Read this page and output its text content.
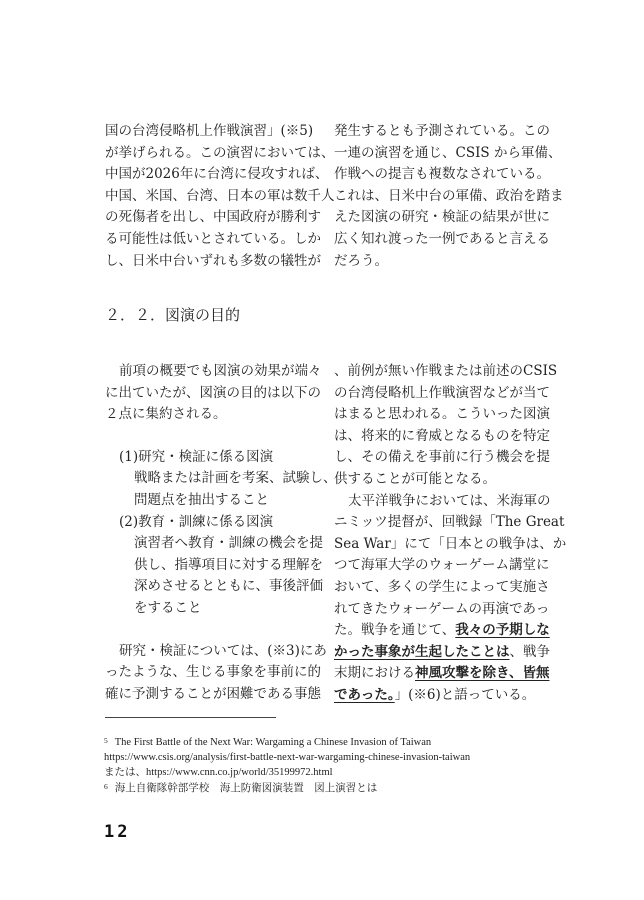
国の台湾侵略机上作戦演習」(※5)
が挙げられる。この演習においては、
中国が2026年に台湾に侵攻すれば、
中国、米国、台湾、日本の軍は数千人
の死傷者を出し、中国政府が勝利す
る可能性は低いとされている。しか
し、日米中台いずれも多数の犠牲が
発生するとも予測されている。この
一連の演習を通じ、CSIS から軍備、
作戦への提言も複数なされている。
これは、日米中台の軍備、政治を踏ま
えた図演の研究・検証の結果が世に
広く知れ渡った一例であると言える
だろう。
２．２．図演の目的
前項の概要でも図演の効果が端々
に出ていたが、図演の目的は以下の
２点に集約される。
(1)研究・検証に係る図演
戦略または計画を考案、試験し、
問題点を抽出すること
(2)教育・訓練に係る図演
演習者へ教育・訓練の機会を提
供し、指導項目に対する理解を
深めさせるとともに、事後評価
をすること
研究・検証については、(※3)にあ
ったような、生じる事象を事前に的
確に予測することが困難である事態
、前例が無い作戦または前述のCSIS
の台湾侵略机上作戦演習などが当て
はまると思われる。こういった図演
は、将来的に脅威となるものを特定
し、その備えを事前に行う機会を提
供することが可能となる。
太平洋戦争においては、米海軍の
ニミッツ提督が、回戦録「The Great
Sea War」にて「日本との戦争は、か
つて海軍大学のウォーゲーム講堂に
おいて、多くの学生によって実施さ
れてきたウォーゲームの再演であっ
た。戦争を通じて、我々の予期しな
かった事象が生起したことは、戦争
末期における神風攻撃を除き、皆無
であった。」(※6)と語っている。
$^5$ The First Battle of the Next War: Wargaming a Chinese Invasion of Taiwan
https://www.csis.org/analysis/first-battle-next-war-wargaming-chinese-invasion-taiwan
または、https://www.cnn.co.jp/world/35199972.html
$^6$ 海上自衛隊幹部学校　海上防衛図演装置　図上演習とは
12
